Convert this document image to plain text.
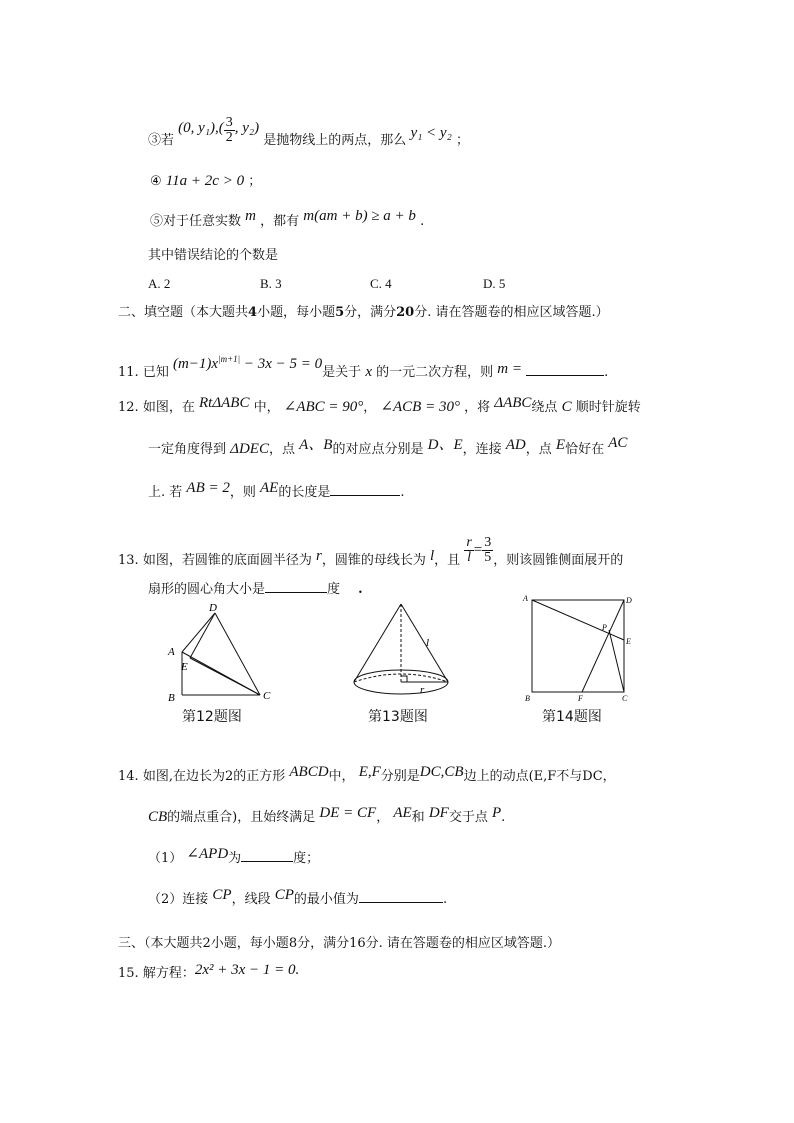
③若 (0, $y_1),( \frac{3}{2}$ , y₂) 是抛物线上的两点，那么 y₁ < y₂ ；
④ 11a + 2c > 0 ；
⑤对于任意实数 m ，都有 m(am + b) ≥ a + b .
其中错误结论的个数是
A. 2	B. 3	C. 4	D. 5
二、填空题（本大题共4小题，每小题5分，满分20分. 请在答题卷的相应区域答题.）
11. 已知 $(m-1)x^{|m+1|} - 3x - 5 = 0$是关于 x 的一元二次方程，则 m =	.
12. 如图，在 RtΔABC 中， ∠ABC = 90°， ∠ACB = 30° ，将 ΔABC绕点 C 顺时针旋转
一定角度得到 ΔDEC，点 A、B的对应点分别是 D、E，连接 AD，点 E恰好在 AC
上. 若 AB = 2，则 AE的长度是	.
13. 如图，若圆锥的底面圆半径为 r，圆锥的母线长为 l，且 $\frac{r}{l} = \frac{3}{5}$ ，则该圆锥侧面展开的
扇形的圆心角大小是	度 .
A
B	C
D
E
第12题图
l
r
第13题图
A	D
B	C
F
E
P
第14题图
14. 如图,在边长为2的正方形 ABCD中， E,F分别是DC,CB边上的动点(E,F不与DC，
CB的端点重合)，且始终满足 DE = CF， AE和 DF交于点 P.
（1） ∠APD为	度；
（2）连接 CP，线段 CP的最小值为	.
三、（本大题共2小题，每小题8分，满分16分. 请在答题卷的相应区域答题.）
15. 解方程：2x² + 3x − 1 = 0.
